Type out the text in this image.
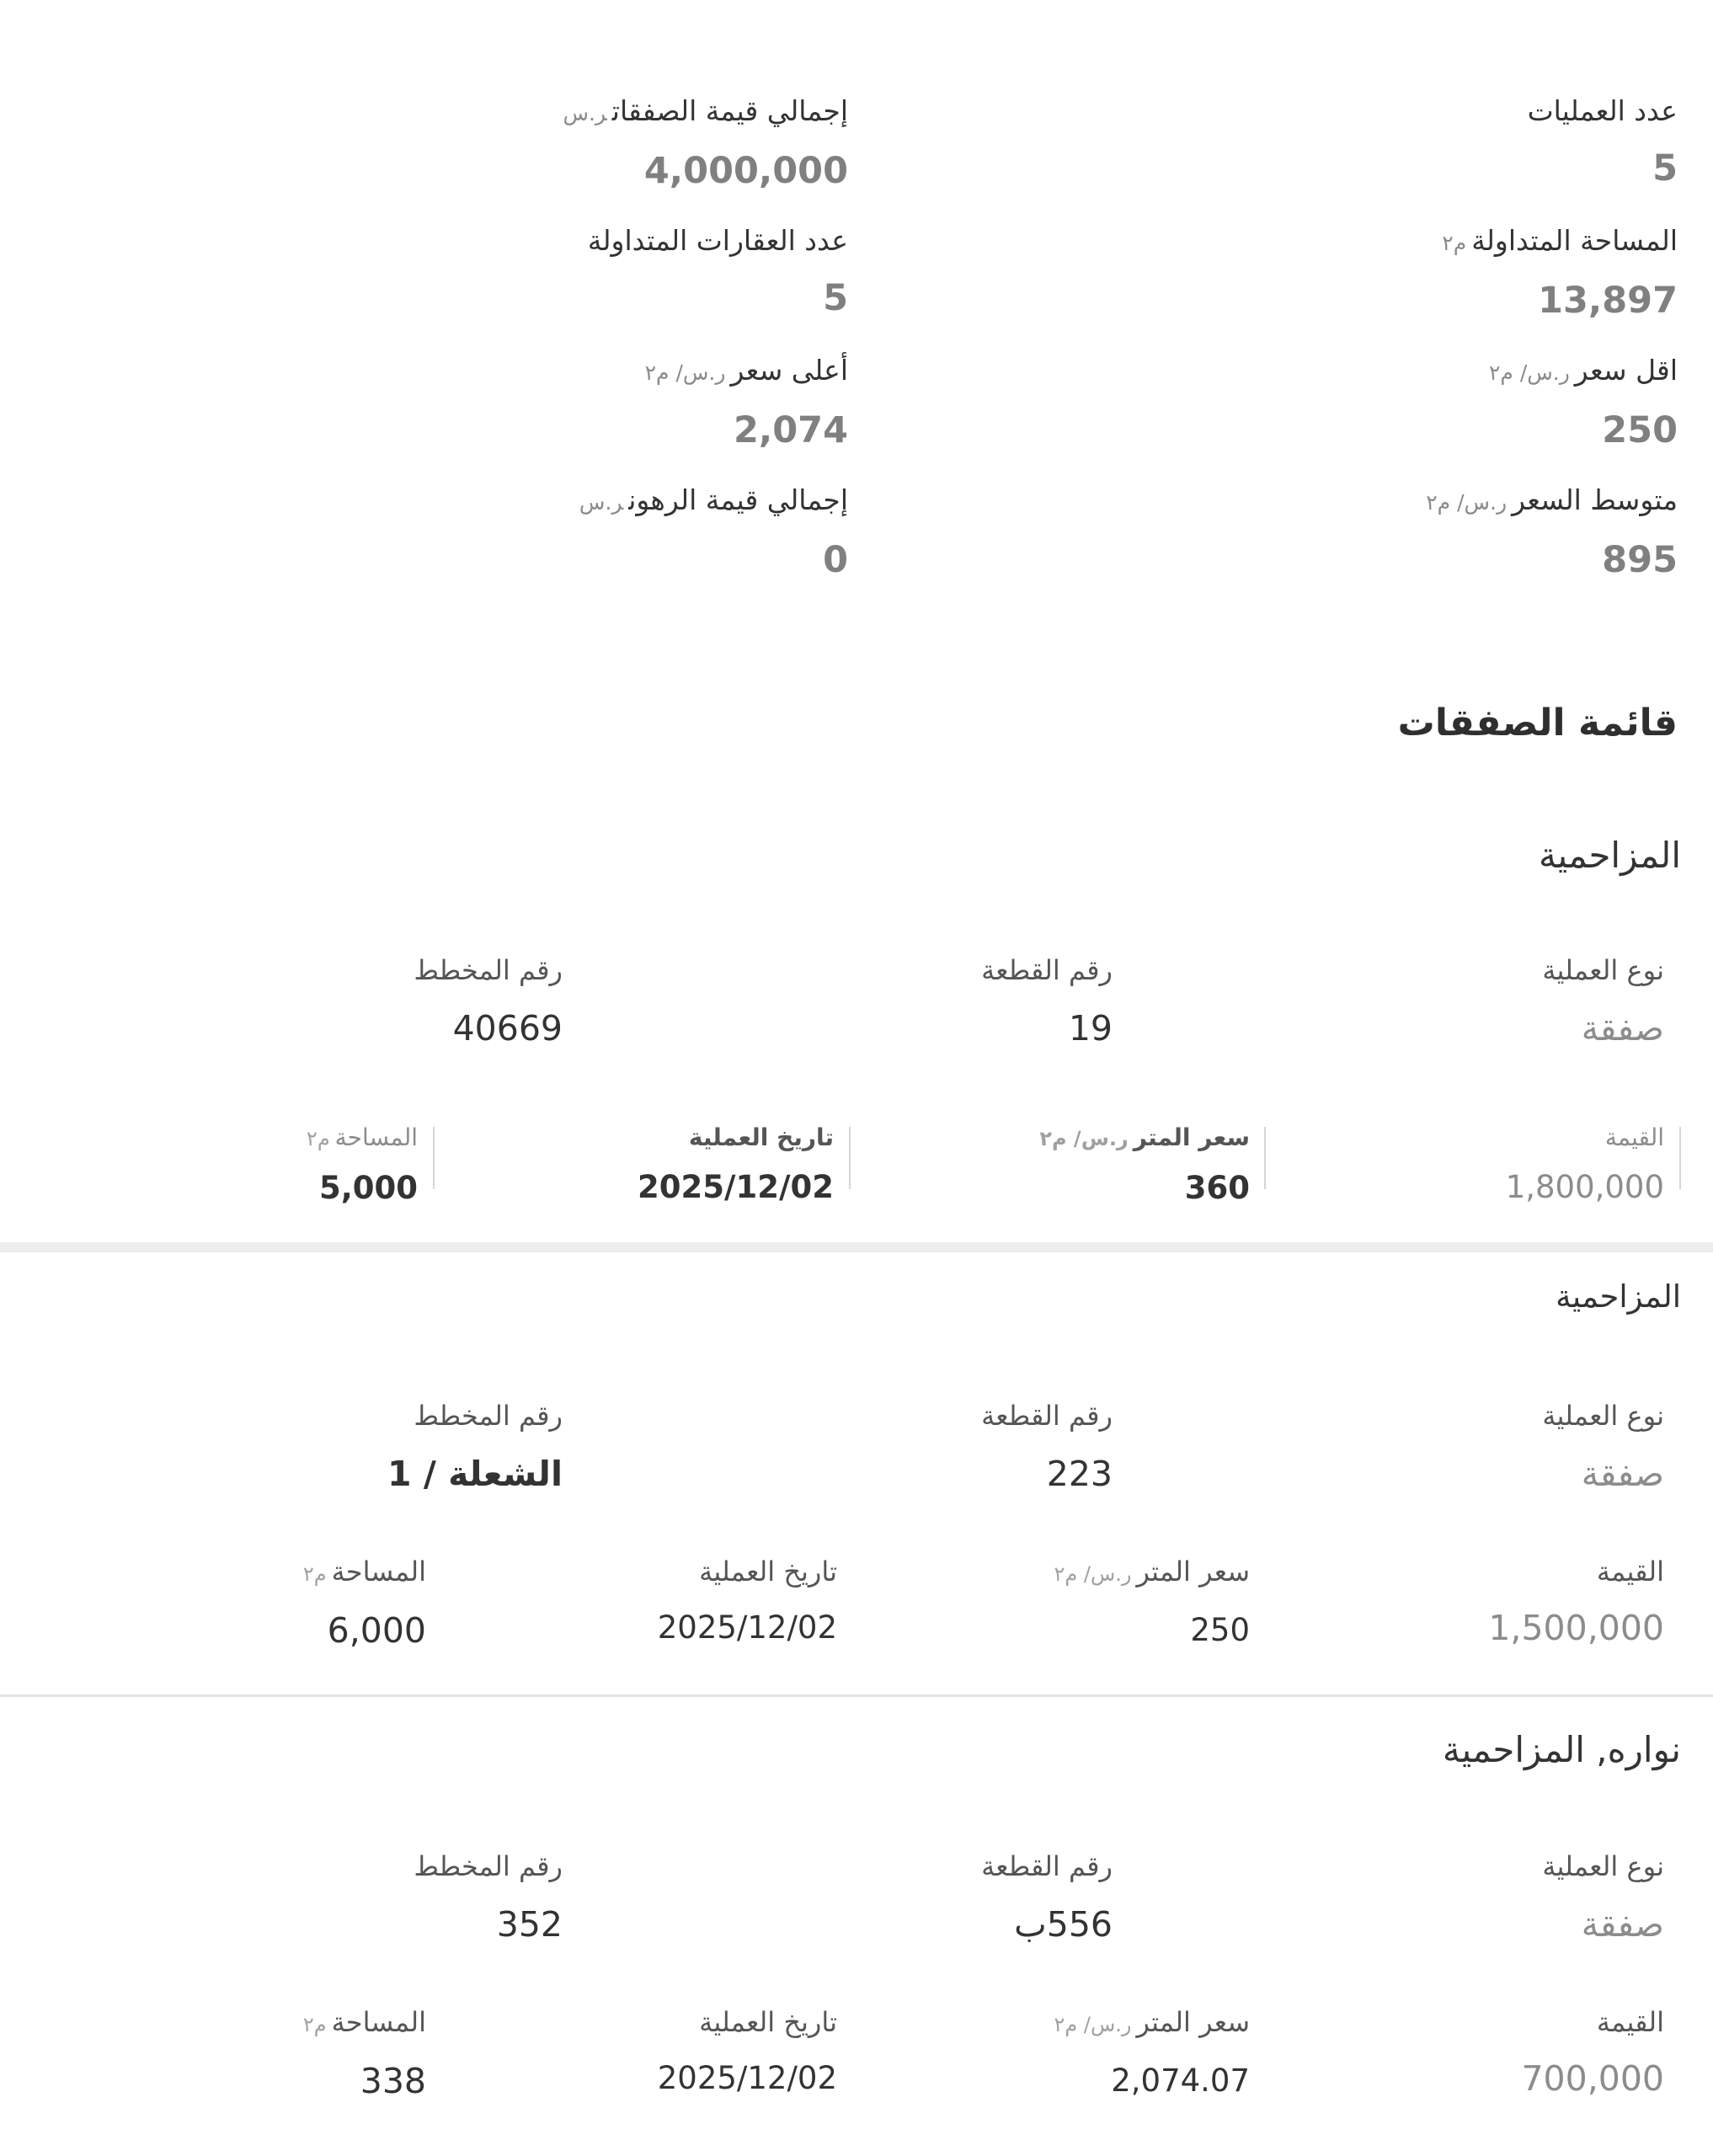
عدد العمليات
5
إجمالي قيمة الصفقاتر.س
4,000,000
المساحة المتداولةم٢
13,897
عدد العقارات المتداولة
5
اقل سعرر.س/ م٢
250
أعلى سعرر.س/ م٢
2,074
متوسط السعرر.س/ م٢
895
إجمالي قيمة الرهونر.س
0
قائمة الصفقات
المزاحمية
نوع العملية
صفقة
رقم القطعة
19
رقم المخطط
40669
القيمة
1,800,000
سعر المترر.س/ م٢
360
تاريخ العملية
2025/12/02
المساحةم٢
5,000
المزاحمية
نوع العملية
صفقة
رقم القطعة
223
رقم المخطط
الشعلة / 1
القيمة
1,500,000
سعر المترر.س/ م٢
250
تاريخ العملية
2025/12/02
المساحةم٢
6,000
نواره, المزاحمية
نوع العملية
صفقة
رقم القطعة
556ب
رقم المخطط
352
القيمة
700,000
سعر المترر.س/ م٢
2,074.07
تاريخ العملية
2025/12/02
المساحةم٢
338
